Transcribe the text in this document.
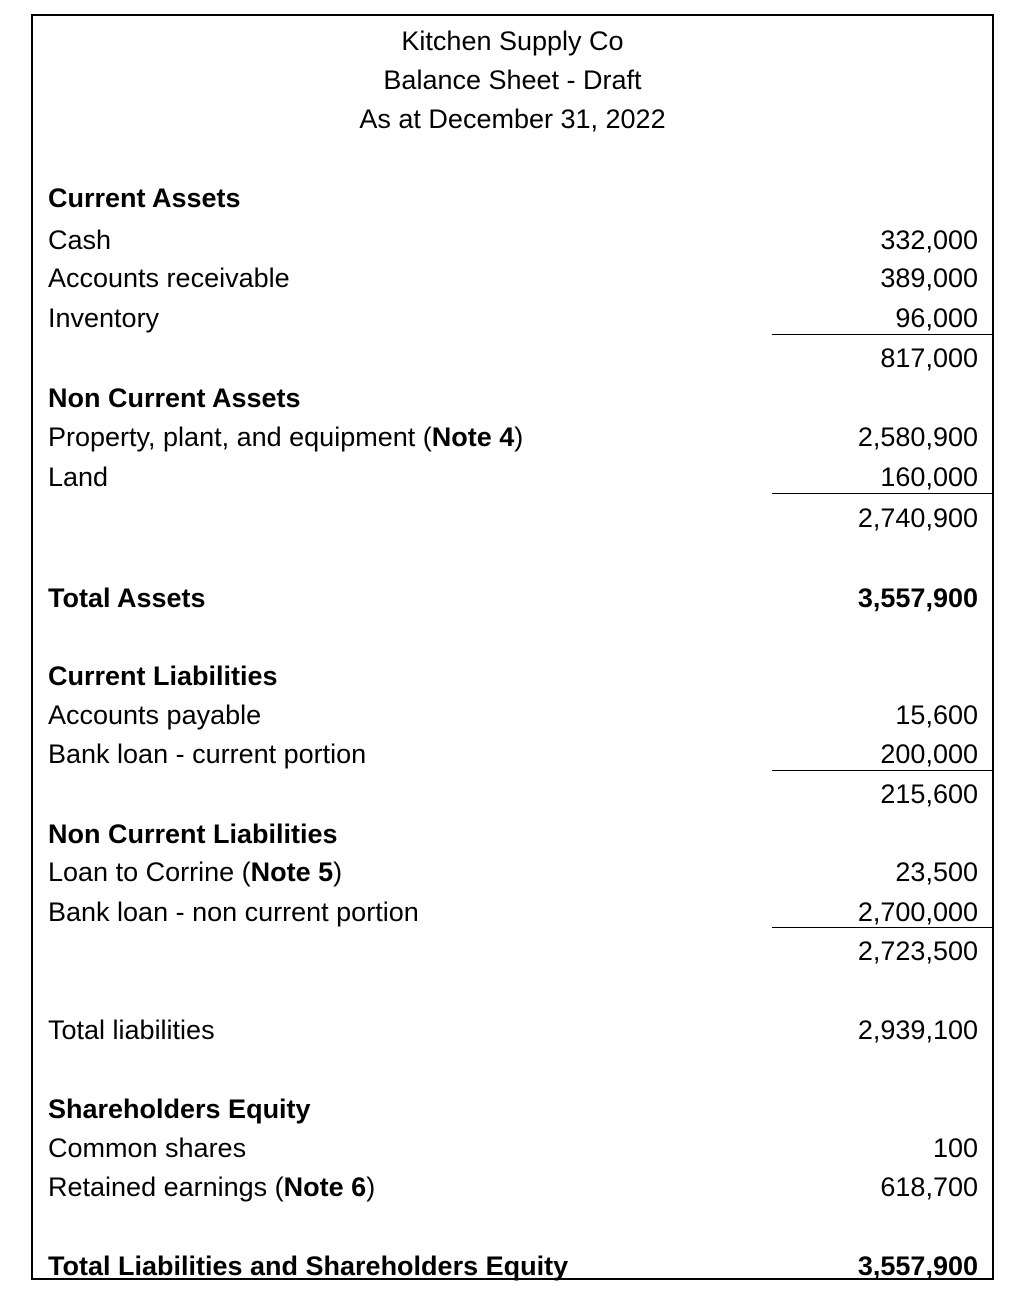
Kitchen Supply Co
Balance Sheet - Draft
As at December 31, 2022
Current Assets
Cash	332,000
Accounts receivable	389,000
Inventory	96,000
817,000
Non Current Assets
Property, plant, and equipment (Note 4)	2,580,900
Land	160,000
2,740,900
Total Assets	3,557,900
Current Liabilities
Accounts payable	15,600
Bank loan - current portion	200,000
215,600
Non Current Liabilities
Loan to Corrine (Note 5)	23,500
Bank loan - non current portion	2,700,000
2,723,500
Total liabilities	2,939,100
Shareholders Equity
Common shares	100
Retained earnings (Note 6)	618,700
Total Liabilities and Shareholders Equity	3,557,900
